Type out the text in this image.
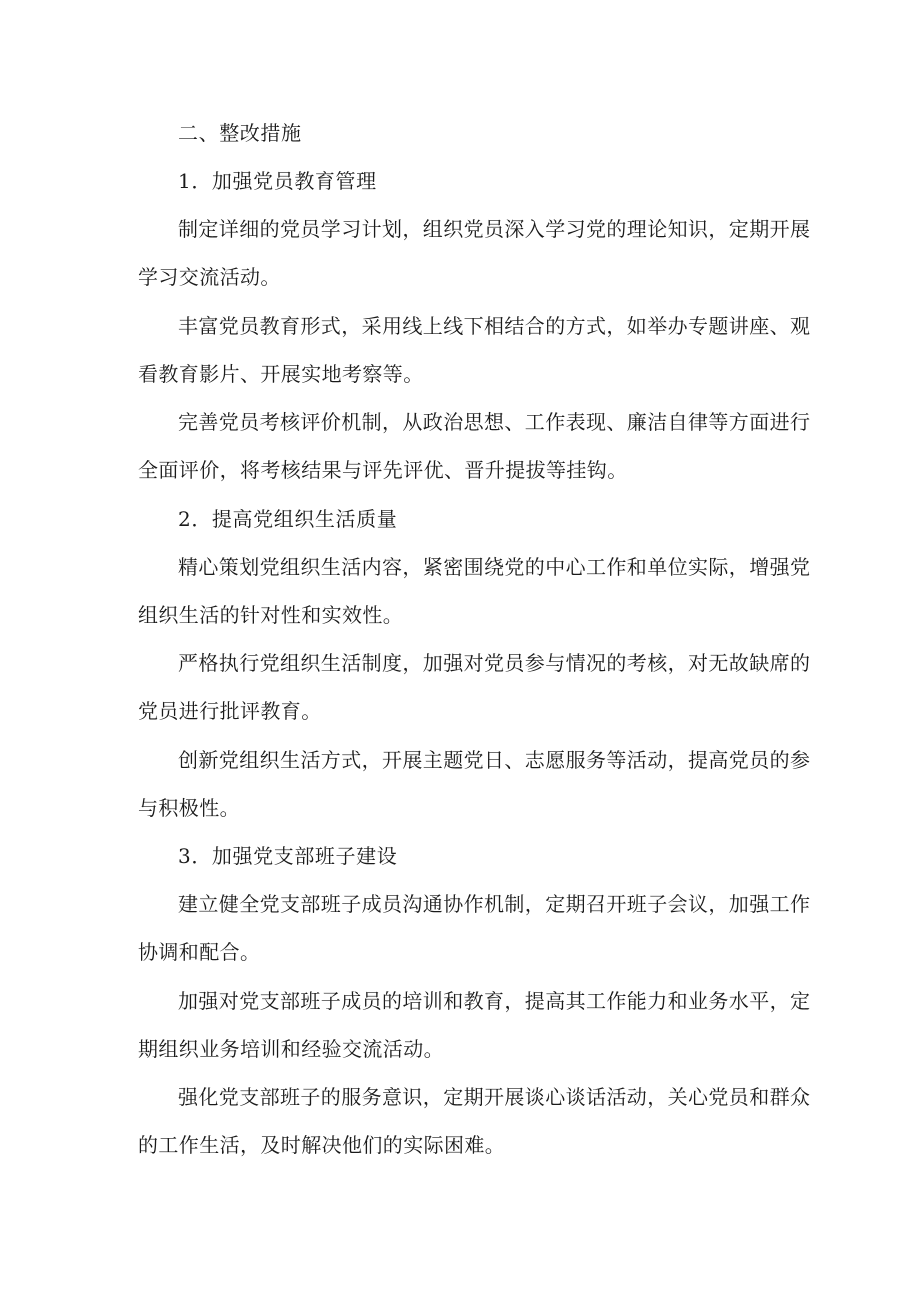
二、整改措施
1．加强党员教育管理
制定详细的党员学习计划，组织党员深入学习党的理论知识，定期开展
学习交流活动。
丰富党员教育形式，采用线上线下相结合的方式，如举办专题讲座、观
看教育影片、开展实地考察等。
完善党员考核评价机制，从政治思想、工作表现、廉洁自律等方面进行
全面评价，将考核结果与评先评优、晋升提拔等挂钩。
2．提高党组织生活质量
精心策划党组织生活内容，紧密围绕党的中心工作和单位实际，增强党
组织生活的针对性和实效性。
严格执行党组织生活制度，加强对党员参与情况的考核，对无故缺席的
党员进行批评教育。
创新党组织生活方式，开展主题党日、志愿服务等活动，提高党员的参
与积极性。
3．加强党支部班子建设
建立健全党支部班子成员沟通协作机制，定期召开班子会议，加强工作
协调和配合。
加强对党支部班子成员的培训和教育，提高其工作能力和业务水平，定
期组织业务培训和经验交流活动。
强化党支部班子的服务意识，定期开展谈心谈话活动，关心党员和群众
的工作生活，及时解决他们的实际困难。
